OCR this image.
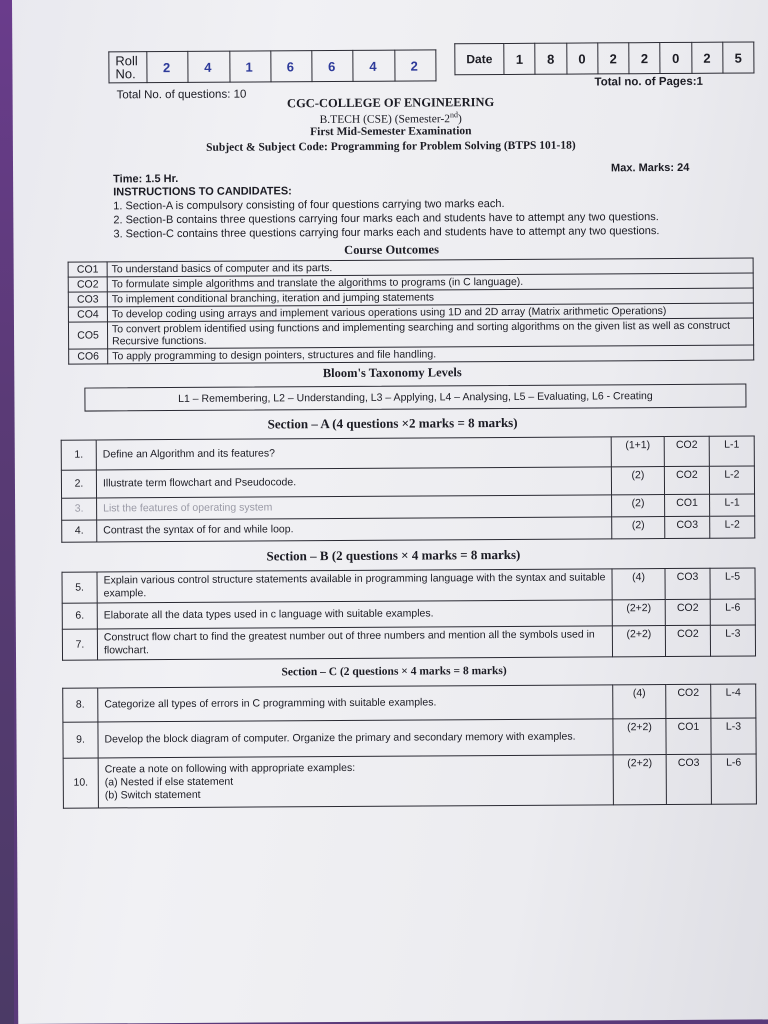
Roll No.	2	4	1	6	6	4	2	Date	1	8	0	2	2	0	2	5
Total No. of questions: 10
Total no. of Pages:1
CGC-COLLEGE OF ENGINEERING
B.TECH (CSE) (Semester-2nd)
First Mid-Semester Examination
Subject & Subject Code: Programming for Problem Solving (BTPS 101-18)
Time: 1.5 Hr.
Max. Marks: 24
INSTRUCTIONS TO CANDIDATES:
1. Section-A is compulsory consisting of four questions carrying two marks each.
2. Section-B contains three questions carrying four marks each and students have to attempt any two questions.
3. Section-C contains three questions carrying four marks each and students have to attempt any two questions.
Course Outcomes
CO1	To understand basics of computer and its parts.
CO2	To formulate simple algorithms and translate the algorithms to programs (in C language).
CO3	To implement conditional branching, iteration and jumping statements
CO4	To develop coding using arrays and implement various operations using 1D and 2D array (Matrix arithmetic Operations)
CO5	To convert problem identified using functions and implementing searching and sorting algorithms on the given list as well as construct Recursive functions.
CO6	To apply programming to design pointers, structures and file handling.
Bloom's Taxonomy Levels
L1 – Remembering, L2 – Understanding, L3 – Applying, L4 – Analysing, L5 – Evaluating, L6 - Creating
Section – A (4 questions ×2 marks = 8 marks)
1.	Define an Algorithm and its features?	(1+1)	CO2	L-1
2.	Illustrate term flowchart and Pseudocode.	(2)	CO2	L-2
3.	List the features of operating system	(2)	CO1	L-1
4.	Contrast the syntax of for and while loop.	(2)	CO3	L-2
Section – B (2 questions × 4 marks = 8 marks)
5.	Explain various control structure statements available in programming language with the syntax and suitable example.	(4)	CO3	L-5
6.	Elaborate all the data types used in c language with suitable examples.	(2+2)	CO2	L-6
7.	Construct flow chart to find the greatest number out of three numbers and mention all the symbols used in flowchart.	(2+2)	CO2	L-3
Section – C (2 questions × 4 marks = 8 marks)
8.	Categorize all types of errors in C programming with suitable examples.	(4)	CO2	L-4
9.	Develop the block diagram of computer. Organize the primary and secondary memory with examples.	(2+2)	CO1	L-3
10.	Create a note on following with appropriate examples:
(a) Nested if else statement
(b) Switch statement	(2+2)	CO3	L-6
